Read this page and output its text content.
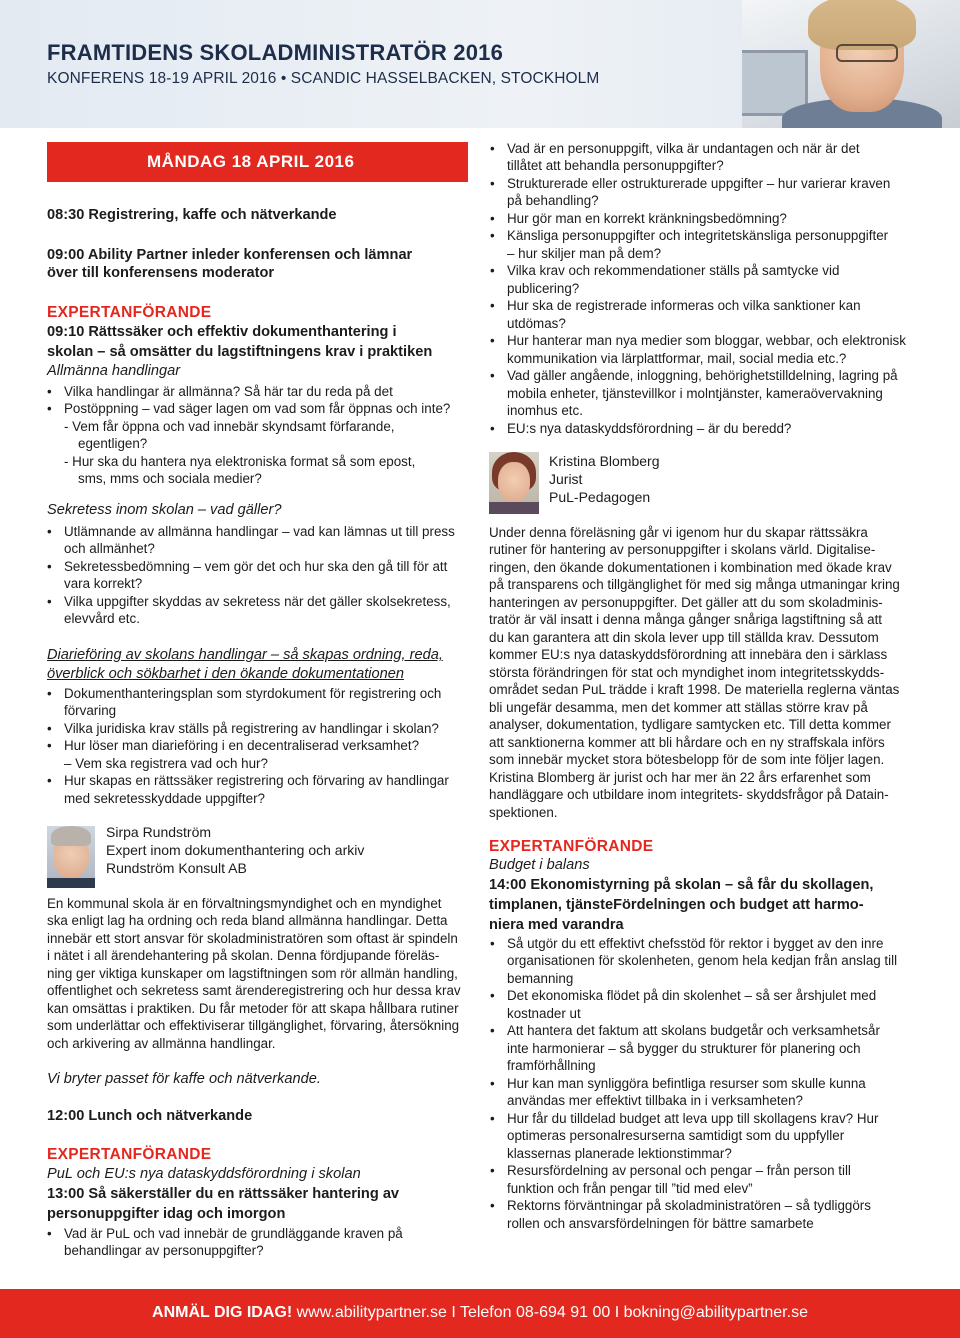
FRAMTIDENS SKOLADMINISTRATÖR 2016
KONFERENS 18-19 APRIL 2016 • SCANDIC HASSELBACKEN, STOCKHOLM
MÅNDAG 18 APRIL 2016
08:30 Registrering, kaffe och nätverkande
09:00 Ability Partner inleder konferensen och lämnar
över till konferensens moderator
EXPERTANFÖRANDE
09:10 Rättssäker och effektiv dokumenthantering i
skolan – så omsätter du lagstiftningens krav i praktiken
Allmänna handlingar
• Vilka handlingar är allmänna? Så här tar du reda på det
• Postöppning – vad säger lagen om vad som får öppnas och inte?
- Vem får öppna och vad innebär skyndsamt förfarande,
egentligen?
- Hur ska du hantera nya elektroniska format så som epost,
sms, mms och sociala medier?
Sekretess inom skolan – vad gäller?
• Utlämnande av allmänna handlingar – vad kan lämnas ut till press
och allmänhet?
• Sekretessbedömning – vem gör det och hur ska den gå till för att
vara korrekt?
• Vilka uppgifter skyddas av sekretess när det gäller skolsekretess,
elevvård etc.
Diarieföring av skolans handlingar – så skapas ordning, reda,
överblick och sökbarhet i den ökande dokumentationen
• Dokumenthanteringsplan som styrdokument för registrering och
förvaring
• Vilka juridiska krav ställs på registrering av handlingar i skolan?
• Hur löser man diarieföring i en decentraliserad verksamhet?
– Vem ska registrera vad och hur?
• Hur skapas en rättssäker registrering och förvaring av handlingar
med sekretesskyddade uppgifter?
Sirpa Rundström
Expert inom dokumenthantering och arkiv
Rundström Konsult AB
En kommunal skola är en förvaltningsmyndighet och en myndighet
ska enligt lag ha ordning och reda bland allmänna handlingar. Detta
innebär ett stort ansvar för skoladministratören som oftast är spindeln
i nätet i all ärendehantering på skolan. Denna fördjupande föreläs-
ning ger viktiga kunskaper om lagstiftningen som rör allmän handling,
offentlighet och sekretess samt ärenderegistrering och hur dessa krav
kan omsättas i praktiken. Du får metoder för att skapa hållbara rutiner
som underlättar och effektiviserar tillgänglighet, förvaring, återsökning
och arkivering av allmänna handlingar.
Vi bryter passet för kaffe och nätverkande.
12:00 Lunch och nätverkande
EXPERTANFÖRANDE
PuL och EU:s nya dataskyddsförordning i skolan
13:00 Så säkerställer du en rättssäker hantering av
personuppgifter idag och imorgon
• Vad är PuL och vad innebär de grundläggande kraven på
behandlingar av personuppgifter?
• Vad är en personuppgift, vilka är undantagen och när är det
tillåtet att behandla personuppgifter?
• Strukturerade eller ostrukturerade uppgifter – hur varierar kraven
på behandling?
• Hur gör man en korrekt kränkningsbedömning?
• Känsliga personuppgifter och integritetskänsliga personuppgifter
– hur skiljer man på dem?
• Vilka krav och rekommendationer ställs på samtycke vid
publicering?
• Hur ska de registrerade informeras och vilka sanktioner kan
utdömas?
• Hur hanterar man nya medier som bloggar, webbar, och elektronisk
kommunikation via lärplattformar, mail, social media etc.?
• Vad gäller angående, inloggning, behörighetstilldelning, lagring på
mobila enheter, tjänstevillkor i molntjänster, kameraövervakning
inomhus etc.
• EU:s nya dataskyddsförordning – är du beredd?
Kristina Blomberg
Jurist
PuL-Pedagogen
Under denna föreläsning går vi igenom hur du skapar rättssäkra
rutiner för hantering av personuppgifter i skolans värld. Digitalise-
ringen, den ökande dokumentationen i kombination med ökade krav
på transparens och tillgänglighet för med sig många utmaningar kring
hanteringen av personuppgifter. Det gäller att du som skoladminis-
tratör är väl insatt i denna många gånger snåriga lagstiftning så att
du kan garantera att din skola lever upp till ställda krav. Dessutom
kommer EU:s nya dataskyddsförordning att innebära den i särklass
största förändringen för stat och myndighet inom integritetsskydds-
området sedan PuL trädde i kraft 1998. De materiella reglerna väntas
bli ungefär desamma, men det kommer att ställas större krav på
analyser, dokumentation, tydligare samtycken etc. Till detta kommer
att sanktionerna kommer att bli hårdare och en ny straffskala införs
som innebär mycket stora bötesbelopp för de som inte följer lagen.
Kristina Blomberg är jurist och har mer än 22 års erfarenhet som
handläggare och utbildare inom integritets- skyddsfrågor på Datain-
spektionen.
EXPERTANFÖRANDE
Budget i balans
14:00 Ekonomistyrning på skolan – så får du skollagen,
timplanen, tjänsteFördelningen och budget att harmo-
niera med varandra
• Så utgör du ett effektivt chefsstöd för rektor i bygget av den inre
organisationen för skolenheten, genom hela kedjan från anslag till
bemanning
• Det ekonomiska flödet på din skolenhet – så ser årshjulet med
kostnader ut
• Att hantera det faktum att skolans budgetår och verksamhetsår
inte harmonierar – så bygger du strukturer för planering och
framförhållning
• Hur kan man synliggöra befintliga resurser som skulle kunna
användas mer effektivt tillbaka in i verksamheten?
• Hur får du tilldelad budget att leva upp till skollagens krav? Hur
optimeras personalresurserna samtidigt som du uppfyller
klassernas planerade lektionstimmar?
• Resursfördelning av personal och pengar – från person till
funktion och från pengar till ”tid med elev”
• Rektorns förväntningar på skoladministratören – så tydliggörs
rollen och ansvarsfördelningen för bättre samarbete
ANMÄL DIG IDAG! www.abilitypartner.se I Telefon 08-694 91 00 I bokning@abilitypartner.se
